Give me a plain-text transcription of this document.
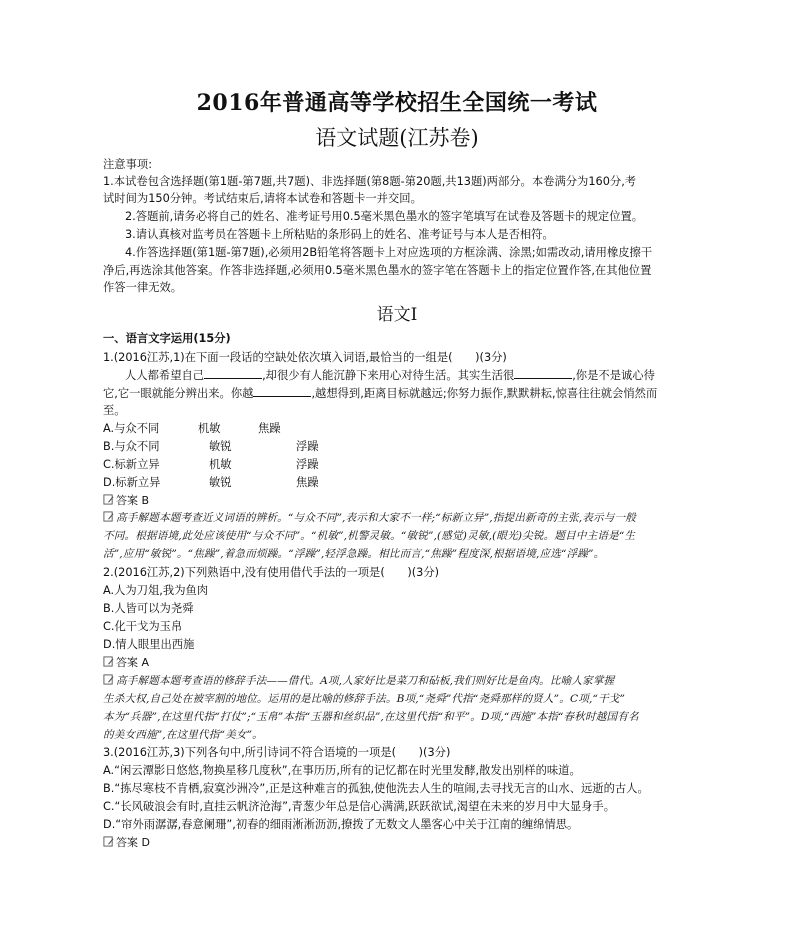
2016年普通高等学校招生全国统一考试
语文试题(江苏卷)
注意事项:
1.本试卷包含选择题(第1题-第7题,共7题)、非选择题(第8题-第20题,共13题)两部分。本卷满分为160分,考
试时间为150分钟。考试结束后,请将本试卷和答题卡一并交回。
2.答题前,请务必将自己的姓名、准考证号用0.5毫米黑色墨水的签字笔填写在试卷及答题卡的规定位置。
3.请认真核对监考员在答题卡上所粘贴的条形码上的姓名、准考证号与本人是否相符。
4.作答选择题(第1题-第7题),必须用2B铅笔将答题卡上对应选项的方框涂满、涂黑;如需改动,请用橡皮擦干
净后,再选涂其他答案。作答非选择题,必须用0.5毫米黑色墨水的签字笔在答题卡上的指定位置作答,在其他位置
作答一律无效。
语文Ⅰ
一、语言文字运用(15分)
1.(2016江苏,1)在下面一段话的空缺处依次填入词语,最恰当的一组是(　　)(3分)
人人都希望自己	,却很少有人能沉静下来用心对待生活。其实生活很	,你是不是诚心待
它,它一眼就能分辨出来。你越	,越想得到,距离目标就越远;你努力振作,默默耕耘,惊喜往往就会悄然而
至。
A.与众不同	机敏	焦躁
B.与众不同	敏锐	浮躁
C.标新立异	机敏	浮躁
D.标新立异	敏锐	焦躁
答案 B
高手解题本题考查近义词语的辨析。“与众不同”,表示和大家不一样;“标新立异”,指提出新奇的主张,表示与一般
不同。根据语境,此处应该使用“与众不同”。“机敏”,机警灵敏。“敏锐”,(感觉)灵敏,(眼光)尖锐。题目中主语是“生
活”,应用“敏锐”。“焦躁”,着急而烦躁。“浮躁”,轻浮急躁。相比而言,“焦躁”程度深,根据语境,应选“浮躁”。
2.(2016江苏,2)下列熟语中,没有使用借代手法的一项是(　　)(3分)
A.人为刀俎,我为鱼肉
B.人皆可以为尧舜
C.化干戈为玉帛
D.情人眼里出西施
答案 A
高手解题本题考查语的修辞手法——借代。A项,人家好比是菜刀和砧板,我们则好比是鱼肉。比喻人家掌握
生杀大权,自己处在被宰割的地位。运用的是比喻的修辞手法。B项,“尧舜”代指“尧舜那样的贤人”。C项,“干戈”
本为“兵器”,在这里代指“打仗”;“玉帛”本指“玉器和丝织品”,在这里代指“和平”。D项,“西施”本指“春秋时越国有名
的美女西施”,在这里代指“美女”。
3.(2016江苏,3)下列各句中,所引诗词不符合语境的一项是(　　)(3分)
A.“闲云潭影日悠悠,物换星移几度秋”,在事历历,所有的记忆都在时光里发酵,散发出别样的味道。
B.“拣尽寒枝不肯栖,寂寞沙洲冷”,正是这种难言的孤独,使他洗去人生的喧闹,去寻找无言的山水、远逝的古人。
C.“长风破浪会有时,直挂云帆济沧海”,青葱少年总是信心满满,跃跃欲试,渴望在未来的岁月中大显身手。
D.“帘外雨潺潺,春意阑珊”,初春的细雨淅淅沥沥,撩拨了无数文人墨客心中关于江南的缠绵情思。
答案 D
